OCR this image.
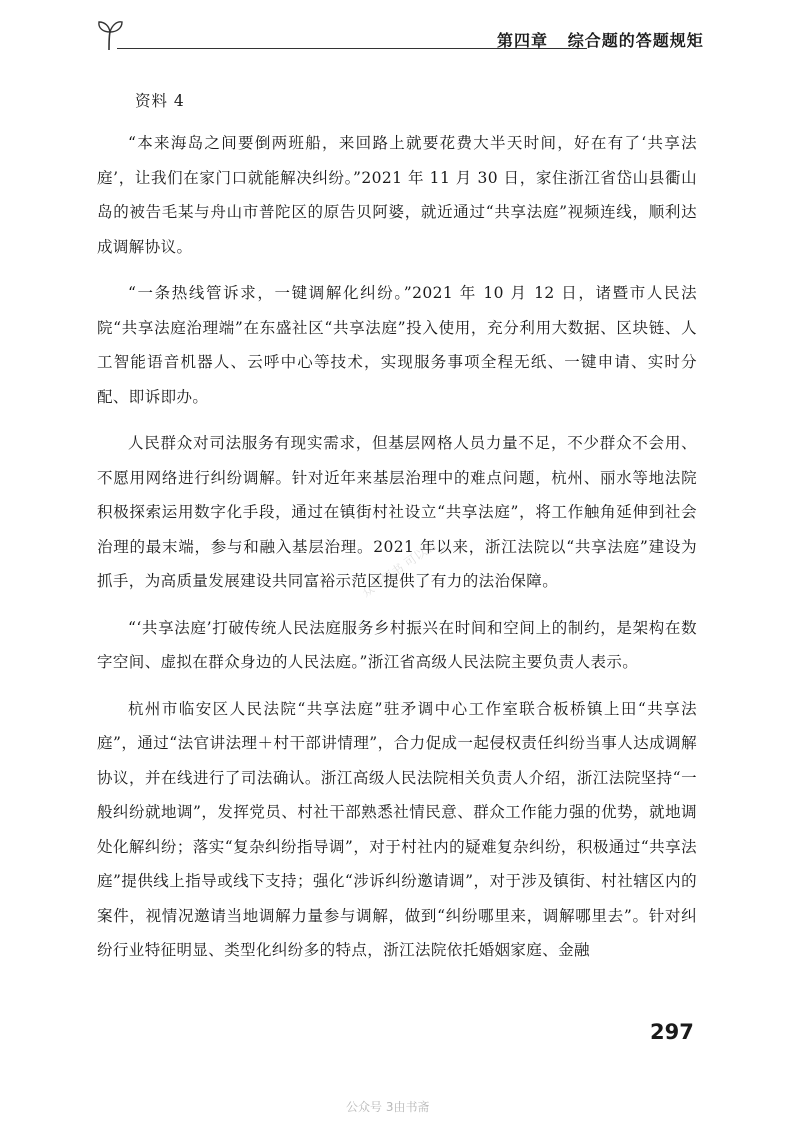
第四章 综合题的答题规矩
资料 4
众号恒书 可以看

“本来海岛之间要倒两班船，来回路上就要花费大半天时间，好在有了‘共享法庭’，让我们在家门口就能解决纠纷。”2021 年 11 月 30 日，家住浙江省岱山县衢山岛的被告毛某与舟山市普陀区的原告贝阿婆，就近通过“共享法庭”视频连线，顺利达成调解协议。

“一条热线管诉求，一键调解化纠纷。”2021 年 10 月 12 日，诸暨市人民法院“共享法庭治理端”在东盛社区“共享法庭”投入使用，充分利用大数据、区块链、人工智能语音机器人、云呼中心等技术，实现服务事项全程无纸、一键申请、实时分配、即诉即办。

人民群众对司法服务有现实需求，但基层网格人员力量不足，不少群众不会用、不愿用网络进行纠纷调解。针对近年来基层治理中的难点问题，杭州、丽水等地法院积极探索运用数字化手段，通过在镇街村社设立“共享法庭”，将工作触角延伸到社会治理的最末端，参与和融入基层治理。2021 年以来，浙江法院以“共享法庭”建设为抓手，为高质量发展建设共同富裕示范区提供了有力的法治保障。

“‘共享法庭’打破传统人民法庭服务乡村振兴在时间和空间上的制约，是架构在数字空间、虚拟在群众身边的人民法庭。”浙江省高级人民法院主要负责人表示。

杭州市临安区人民法院“共享法庭”驻矛调中心工作室联合板桥镇上田“共享法庭”，通过“法官讲法理＋村干部讲情理”，合力促成一起侵权责任纠纷当事人达成调解协议，并在线进行了司法确认。浙江高级人民法院相关负责人介绍，浙江法院坚持“一般纠纷就地调”，发挥党员、村社干部熟悉社情民意、群众工作能力强的优势，就地调处化解纠纷；落实“复杂纠纷指导调”，对于村社内的疑难复杂纠纷，积极通过“共享法庭”提供线上指导或线下支持；强化“涉诉纠纷邀请调”，对于涉及镇街、村社辖区内的案件，视情况邀请当地调解力量参与调解，做到“纠纷哪里来，调解哪里去”。针对纠纷行业特征明显、类型化纠纷多的特点，浙江法院依托婚姻家庭、金融

297
公众号 3由书斋
